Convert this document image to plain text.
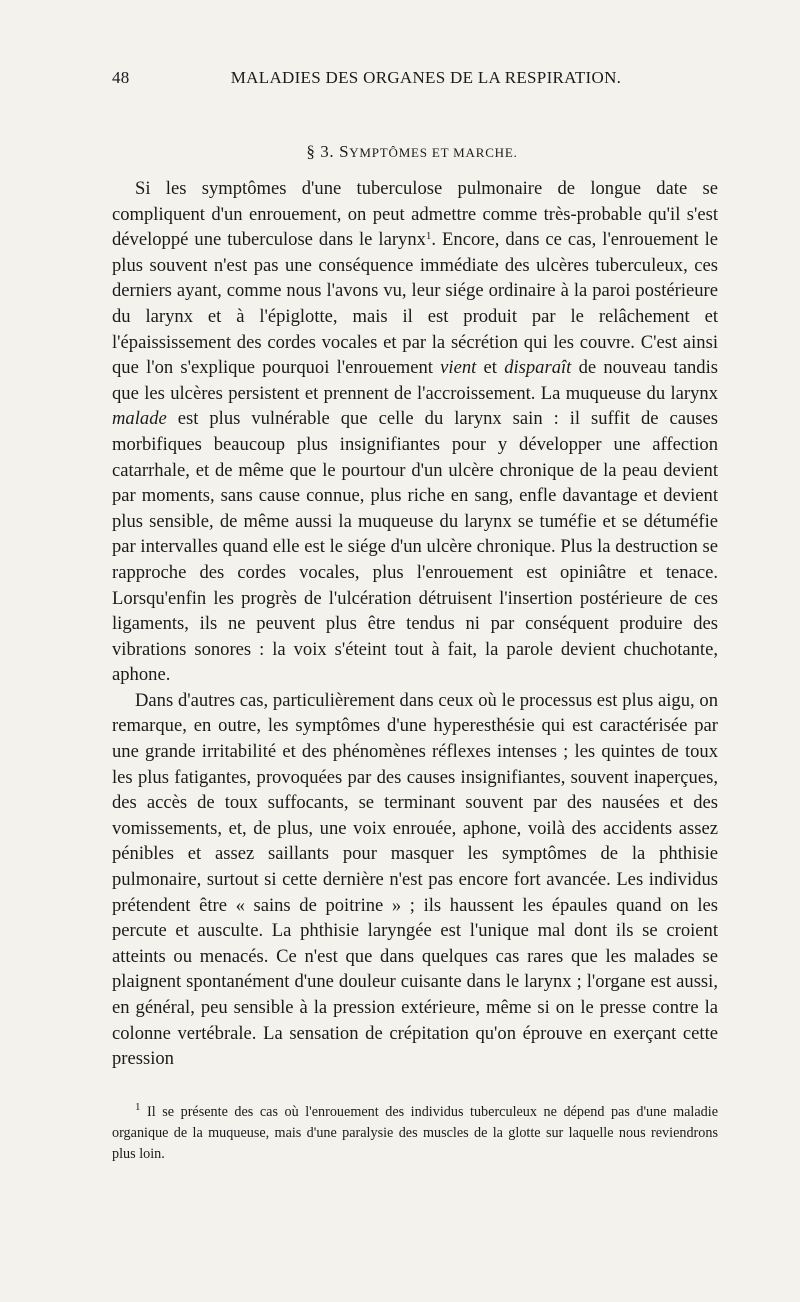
48	MALADIES DES ORGANES DE LA RESPIRATION.
§ 3. SYMPTÔMES ET MARCHE.

Si les symptômes d'une tuberculose pulmonaire de longue date se compliquent d'un enrouement, on peut admettre comme très-probable qu'il s'est développé une tuberculose dans le larynx$^1$. Encore, dans ce cas, l'enrouement le plus souvent n'est pas une conséquence immédiate des ulcères tuberculeux, ces derniers ayant, comme nous l'avons vu, leur siége ordinaire à la paroi postérieure du larynx et à l'épiglotte, mais il est produit par le relâchement et l'épaississement des cordes vocales et par la sécrétion qui les couvre. C'est ainsi que l'on s'explique pourquoi l'enrouement vient et disparaît de nouveau tandis que les ulcères persistent et prennent de l'accroissement. La muqueuse du larynx malade est plus vulnérable que celle du larynx sain : il suffit de causes morbifiques beaucoup plus insignifiantes pour y développer une affection catarrhale, et de même que le pourtour d'un ulcère chronique de la peau devient par moments, sans cause connue, plus riche en sang, enfle davantage et devient plus sensible, de même aussi la muqueuse du larynx se tuméfie et se détuméfie par intervalles quand elle est le siége d'un ulcère chronique. Plus la destruction se rapproche des cordes vocales, plus l'enrouement est opiniâtre et tenace. Lorsqu'enfin les progrès de l'ulcération détruisent l'insertion postérieure de ces ligaments, ils ne peuvent plus être tendus ni par conséquent produire des vibrations sonores : la voix s'éteint tout à fait, la parole devient chuchotante, aphone.

Dans d'autres cas, particulièrement dans ceux où le processus est plus aigu, on remarque, en outre, les symptômes d'une hyperesthésie qui est caractérisée par une grande irritabilité et des phénomènes réflexes intenses ; les quintes de toux les plus fatigantes, provoquées par des causes insignifiantes, souvent inaperçues, des accès de toux suffocants, se terminant souvent par des nausées et des vomissements, et, de plus, une voix enrouée, aphone, voilà des accidents assez pénibles et assez saillants pour masquer les symptômes de la phthisie pulmonaire, surtout si cette dernière n'est pas encore fort avancée. Les individus prétendent être « sains de poitrine » ; ils haussent les épaules quand on les percute et ausculte. La phthisie laryngée est l'unique mal dont ils se croient atteints ou menacés. Ce n'est que dans quelques cas rares que les malades se plaignent spontanément d'une douleur cuisante dans le larynx ; l'organe est aussi, en général, peu sensible à la pression extérieure, même si on le presse contre la colonne vertébrale. La sensation de crépitation qu'on éprouve en exerçant cette pression

$^1$ Il se présente des cas où l'enrouement des individus tuberculeux ne dépend pas d'une maladie organique de la muqueuse, mais d'une paralysie des muscles de la glotte sur laquelle nous reviendrons plus loin.
